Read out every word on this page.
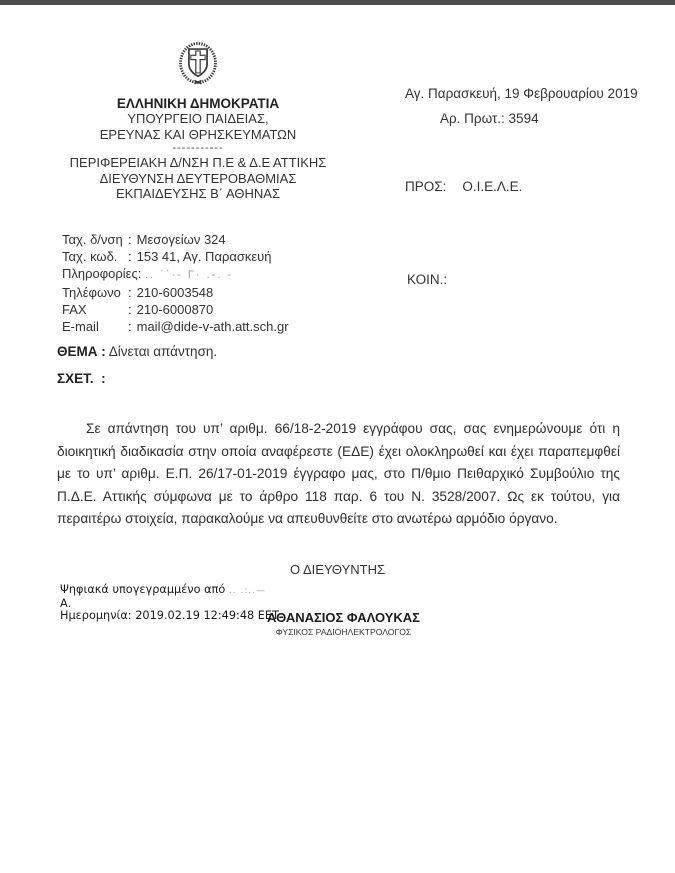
ΕΛΛΗΝΙΚΗ ΔΗΜΟΚΡΑΤΙΑ
ΥΠΟΥΡΓΕΙΟ ΠΑΙΔΕΙΑΣ,
ΕΡΕΥΝΑΣ ΚΑΙ ΘΡΗΣΚΕΥΜΑΤΩΝ
-----------
ΠΕΡΙΦΕΡΕΙΑΚΗ Δ/ΝΣΗ Π.Ε & Δ.Ε ΑΤΤΙΚΗΣ
ΔΙΕΥΘΥΝΣΗ ΔΕΥΤΕΡΟΒΑΘΜΙΑΣ
ΕΚΠΑΙΔΕΥΣΗΣ Β΄ ΑΘΗΝΑΣ
Αγ. Παρασκευή, 19 Φεβρουαρίου 2019
Αρ. Πρωτ.: 3594
ΠΡΟΣ: Ο.Ι.Ε.Λ.Ε.
ΚΟΙΝ.:
Ταχ. δ/νση : Μεσογείων 324
Ταχ. κωδ. : 153 41, Αγ. Παρασκευή
Πληροφορίες: .. ΄΄·- Γ· .-. -
Τηλέφωνο : 210-6003548
FAX	: 210-6000870
E-mail : mail@dide-v-ath.att.sch.gr
ΘΕΜΑ : Δίνεται απάντηση.
ΣΧΕΤ.  :
Σε απάντηση του υπ’ αριθμ. 66/18-2-2019 εγγράφου σας, σας ενημερώνουμε ότι η διοικητική διαδικασία στην οποία αναφέρεστε (ΕΔΕ) έχει ολοκληρωθεί και έχει παραπεμφθεί με το υπ’ αριθμ. Ε.Π. 26/17-01-2019 έγγραφο μας, στο Π/θμιο Πειθαρχικό Συμβούλιο της Π.Δ.Ε. Αττικής σύμφωνα με το άρθρο 118 παρ. 6 του Ν. 3528/2007. Ως εκ τούτου, για περαιτέρω στοιχεία, παρακαλούμε να απευθυνθείτε στο ανωτέρω αρμόδιο όργανο.
Ο ΔΙΕΥΘΥΝΤΗΣ
Ψηφιακά υπογεγραμμένο από .. .:..—
Α.
Ημερομηνία: 2019.02.19 12:49:48 EET
ΑΘΑΝΑΣΙΟΣ ΦΑΛΟΥΚΑΣ
ΦΥΣΙΚΟΣ ΡΑΔΙΟΗΛΕΚΤΡΟΛΟΓΟΣ
